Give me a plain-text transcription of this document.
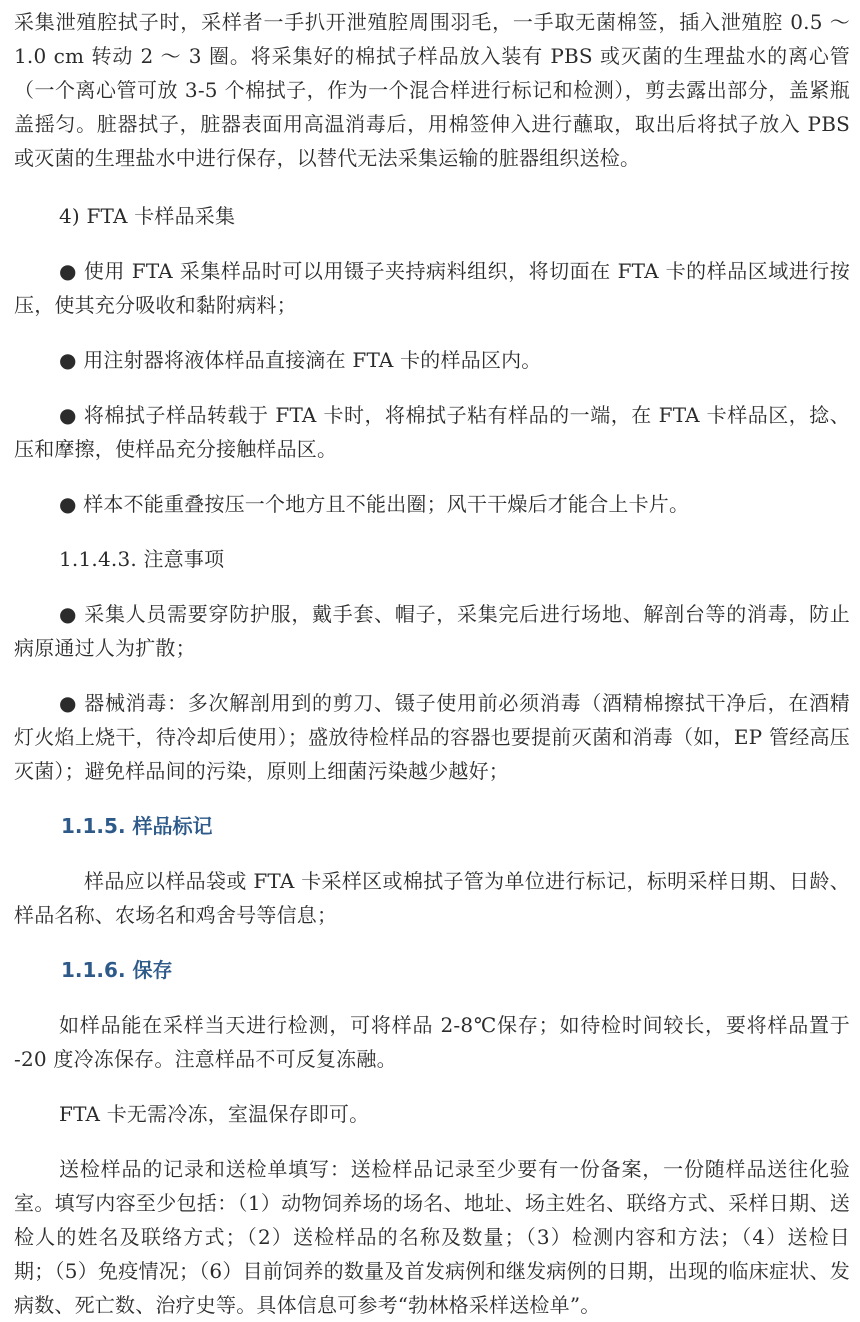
采集泄殖腔拭子时，采样者一手扒开泄殖腔周围羽毛，一手取无菌棉签，插入泄殖腔 0.5 ～ 1.0 cm 转动 2 ～ 3 圈。将采集好的棉拭子样品放入装有 PBS 或灭菌的生理盐水的离心管（一个离心管可放 3-5 个棉拭子，作为一个混合样进行标记和检测），剪去露出部分，盖紧瓶盖摇匀。脏器拭子，脏器表面用高温消毒后，用棉签伸入进行蘸取，取出后将拭子放入 PBS 或灭菌的生理盐水中进行保存，以替代无法采集运输的脏器组织送检。

4) FTA 卡样品采集

● 使用 FTA 采集样品时可以用镊子夹持病料组织，将切面在 FTA 卡的样品区域进行按压，使其充分吸收和黏附病料；

● 用注射器将液体样品直接滴在 FTA 卡的样品区内。

● 将棉拭子样品转载于 FTA 卡时，将棉拭子粘有样品的一端，在 FTA 卡样品区，捻、压和摩擦，使样品充分接触样品区。

● 样本不能重叠按压一个地方且不能出圈；风干干燥后才能合上卡片。

1.1.4.3. 注意事项

● 采集人员需要穿防护服，戴手套、帽子，采集完后进行场地、解剖台等的消毒，防止病原通过人为扩散；

● 器械消毒：多次解剖用到的剪刀、镊子使用前必须消毒（酒精棉擦拭干净后，在酒精灯火焰上烧干，待冷却后使用）；盛放待检样品的容器也要提前灭菌和消毒（如，EP 管经高压灭菌）；避免样品间的污染，原则上细菌污染越少越好；

1.1.5. 样品标记

样品应以样品袋或 FTA 卡采样区或棉拭子管为单位进行标记，标明采样日期、日龄、样品名称、农场名和鸡舍号等信息；

1.1.6. 保存

如样品能在采样当天进行检测，可将样品 2-8℃保存；如待检时间较长，要将样品置于 -20 度冷冻保存。注意样品不可反复冻融。

FTA 卡无需冷冻，室温保存即可。

送检样品的记录和送检单填写：送检样品记录至少要有一份备案，一份随样品送往化验室。填写内容至少包括：（1）动物饲养场的场名、地址、场主姓名、联络方式、采样日期、送检人的姓名及联络方式；（2）送检样品的名称及数量；（3）检测内容和方法；（4）送检日期；（5）免疫情况；（6）目前饲养的数量及首发病例和继发病例的日期，出现的临床症状、发病数、死亡数、治疗史等。具体信息可参考“勃林格采样送检单”。
